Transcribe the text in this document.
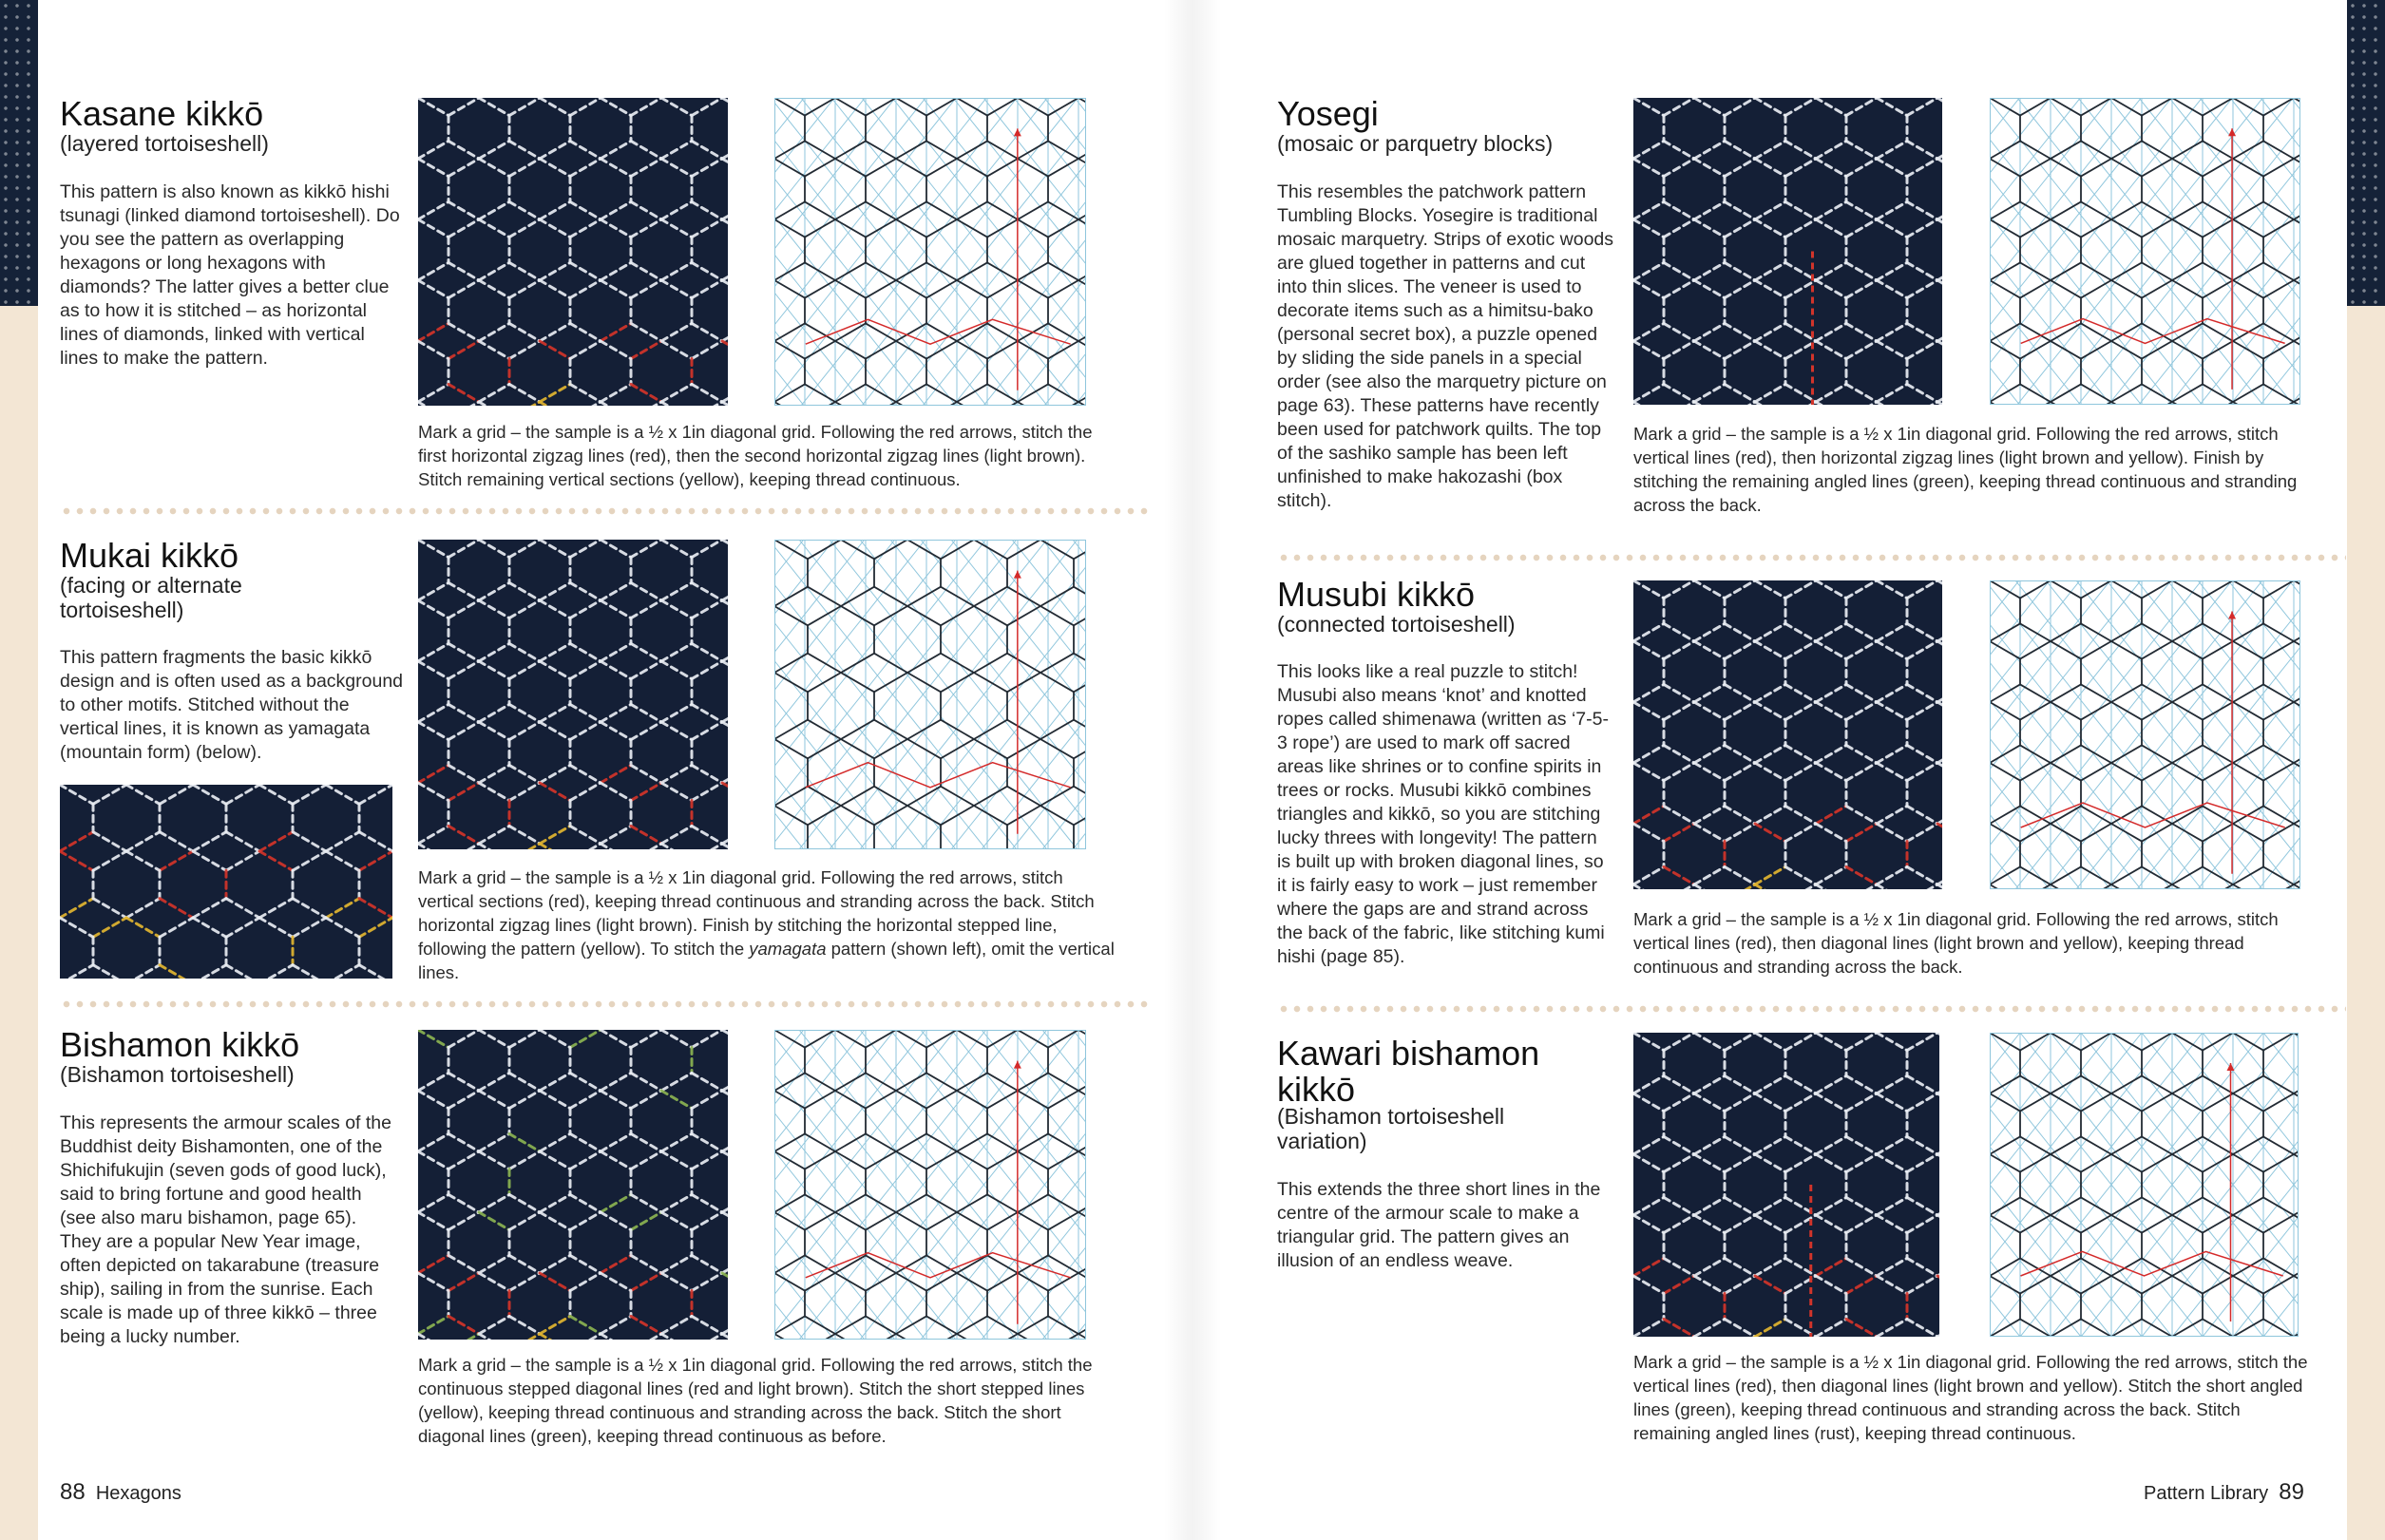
Kasane kikkō
(layered tortoiseshell)
This pattern is also known as kikkō hishi tsunagi (linked diamond tortoiseshell). Do you see the pattern as overlapping hexagons or long hexagons with diamonds? The latter gives a better clue as to how it is stitched – as horizontal lines of diamonds, linked with vertical lines to make the pattern.
Mark a grid – the sample is a ½ x 1in diagonal grid. Following the red arrows, stitch the first horizontal zigzag lines (red), then the second horizontal zigzag lines (light brown). Stitch remaining vertical sections (yellow), keeping thread continuous.
Mukai kikkō
(facing or alternate tortoiseshell)
This pattern fragments the basic kikkō design and is often used as a background to other motifs. Stitched without the vertical lines, it is known as yamagata (mountain form) (below).
Mark a grid – the sample is a ½ x 1in diagonal grid. Following the red arrows, stitch vertical sections (red), keeping thread continuous and stranding across the back. Stitch horizontal zigzag lines (light brown). Finish by stitching the horizontal stepped line, following the pattern (yellow). To stitch the yamagata pattern (shown left), omit the vertical lines.
Bishamon kikkō
(Bishamon tortoiseshell)
This represents the armour scales of the Buddhist deity Bishamonten, one of the Shichifukujin (seven gods of good luck), said to bring fortune and good health (see also maru bishamon, page 65). They are a popular New Year image, often depicted on takarabune (treasure ship), sailing in from the sunrise. Each scale is made up of three kikkō – three being a lucky number.
Mark a grid – the sample is a ½ x 1in diagonal grid. Following the red arrows, stitch the continuous stepped diagonal lines (red and light brown). Stitch the short stepped lines (yellow), keeping thread continuous and stranding across the back. Stitch the short diagonal lines (green), keeping thread continuous as before.
88 Hexagons
Yosegi
(mosaic or parquetry blocks)
This resembles the patchwork pattern Tumbling Blocks. Yosegire is traditional mosaic marquetry. Strips of exotic woods are glued together in patterns and cut into thin slices. The veneer is used to decorate items such as a himitsu-bako (personal secret box), a puzzle opened by sliding the side panels in a special order (see also the marquetry picture on page 63). These patterns have recently been used for patchwork quilts. The top of the sashiko sample has been left unfinished to make hakozashi (box stitch).
Mark a grid – the sample is a ½ x 1in diagonal grid. Following the red arrows, stitch vertical lines (red), then horizontal zigzag lines (light brown and yellow). Finish by stitching the remaining angled lines (green), keeping thread continuous and stranding across the back.
Musubi kikkō
(connected tortoiseshell)
This looks like a real puzzle to stitch! Musubi also means ‘knot’ and knotted ropes called shimenawa (written as ‘7-5-3 rope’) are used to mark off sacred areas like shrines or to confine spirits in trees or rocks. Musubi kikkō combines triangles and kikkō, so you are stitching lucky threes with longevity! The pattern is built up with broken diagonal lines, so it is fairly easy to work – just remember where the gaps are and strand across the back of the fabric, like stitching kumi hishi (page 85).
Mark a grid – the sample is a ½ x 1in diagonal grid. Following the red arrows, stitch vertical lines (red), then diagonal lines (light brown and yellow), keeping thread continuous and stranding across the back.
Kawari bishamon
kikkō
(Bishamon tortoiseshell variation)
This extends the three short lines in the centre of the armour scale to make a triangular grid. The pattern gives an illusion of an endless weave.
Mark a grid – the sample is a ½ x 1in diagonal grid. Following the red arrows, stitch the vertical lines (red), then diagonal lines (light brown and yellow). Stitch the short angled lines (green), keeping thread continuous and stranding across the back. Stitch remaining angled lines (rust), keeping thread continuous.
Pattern Library 89
